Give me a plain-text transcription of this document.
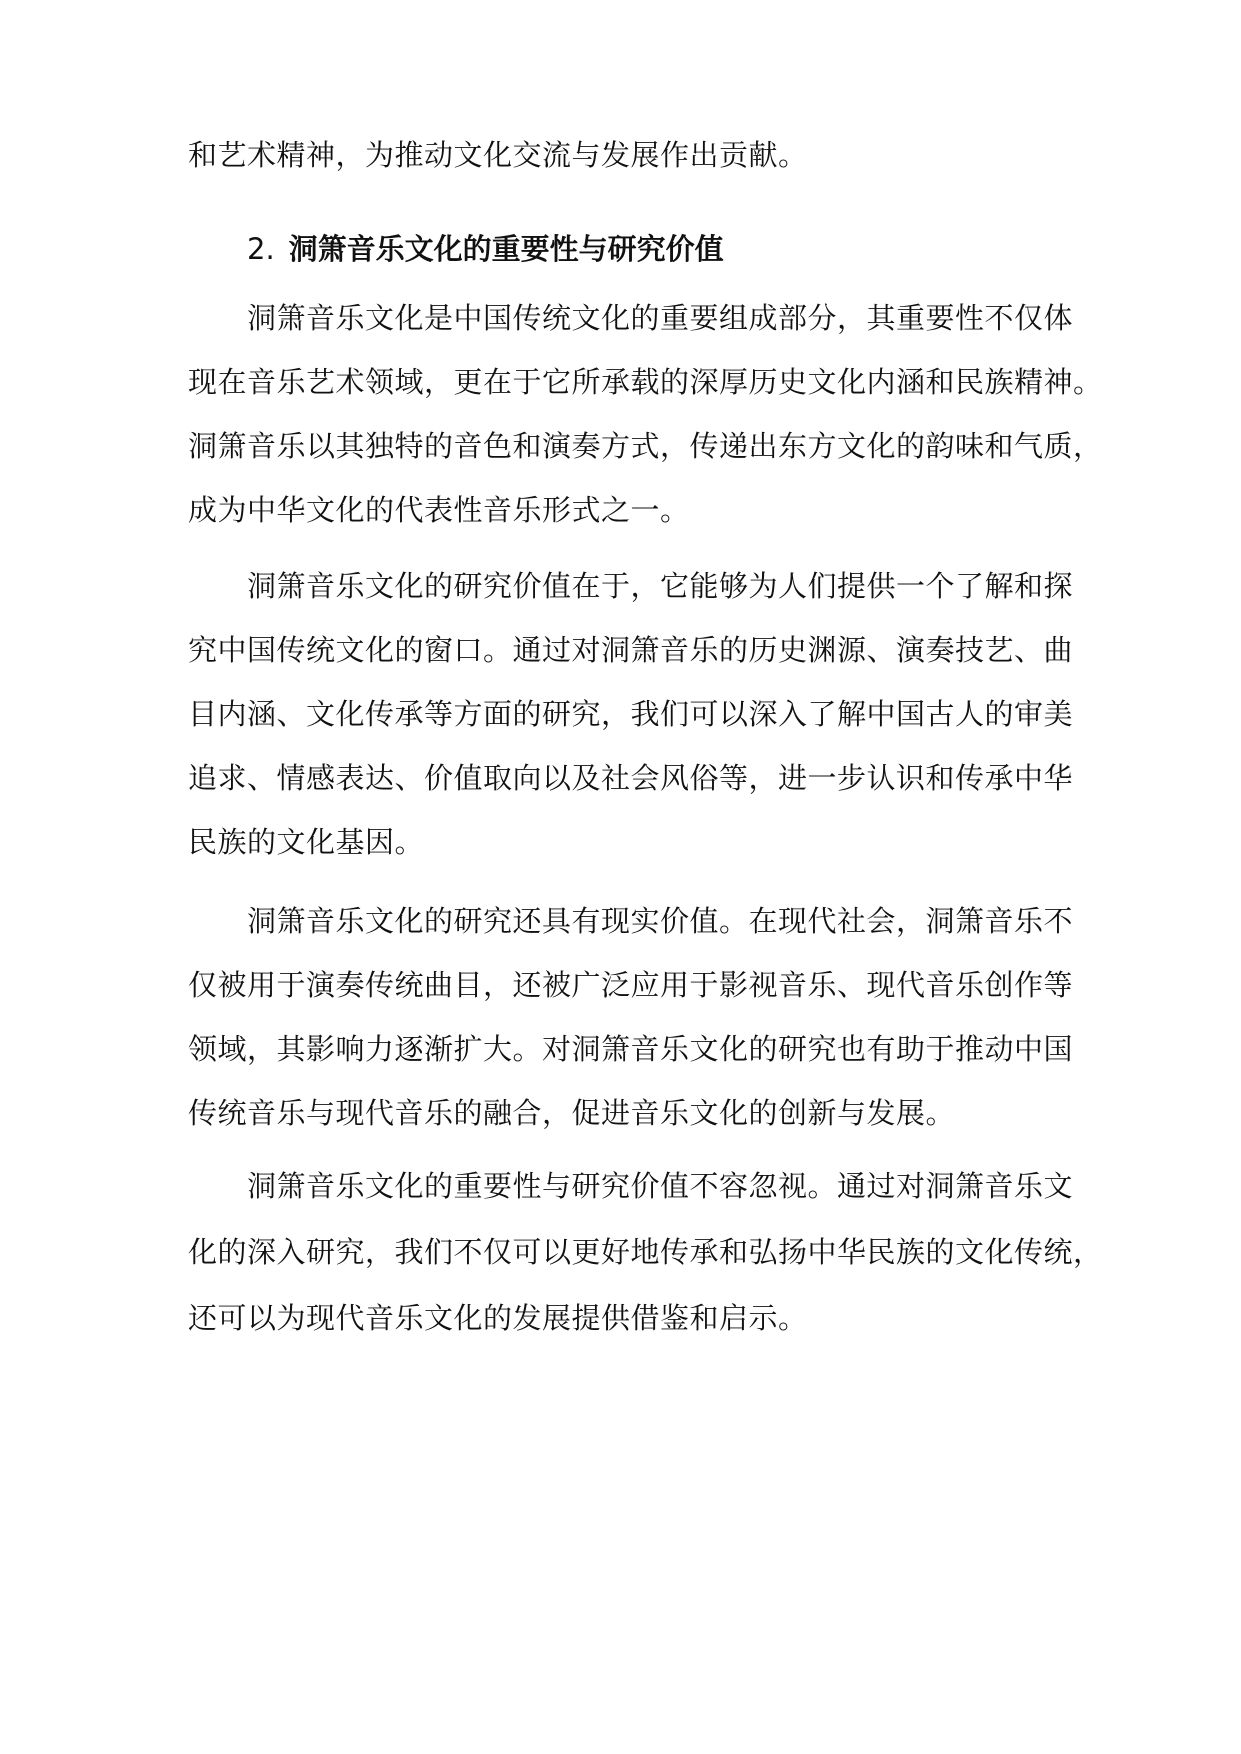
和艺术精神，为推动文化交流与发展作出贡献。
2. 洞箫音乐文化的重要性与研究价值
洞箫音乐文化是中国传统文化的重要组成部分，其重要性不仅体
现在音乐艺术领域，更在于它所承载的深厚历史文化内涵和民族精神。
洞箫音乐以其独特的音色和演奏方式，传递出东方文化的韵味和气质，
成为中华文化的代表性音乐形式之一。
洞箫音乐文化的研究价值在于，它能够为人们提供一个了解和探
究中国传统文化的窗口。通过对洞箫音乐的历史渊源、演奏技艺、曲
目内涵、文化传承等方面的研究，我们可以深入了解中国古人的审美
追求、情感表达、价值取向以及社会风俗等，进一步认识和传承中华
民族的文化基因。
洞箫音乐文化的研究还具有现实价值。在现代社会，洞箫音乐不
仅被用于演奏传统曲目，还被广泛应用于影视音乐、现代音乐创作等
领域，其影响力逐渐扩大。对洞箫音乐文化的研究也有助于推动中国
传统音乐与现代音乐的融合，促进音乐文化的创新与发展。
洞箫音乐文化的重要性与研究价值不容忽视。通过对洞箫音乐文
化的深入研究，我们不仅可以更好地传承和弘扬中华民族的文化传统，
还可以为现代音乐文化的发展提供借鉴和启示。
